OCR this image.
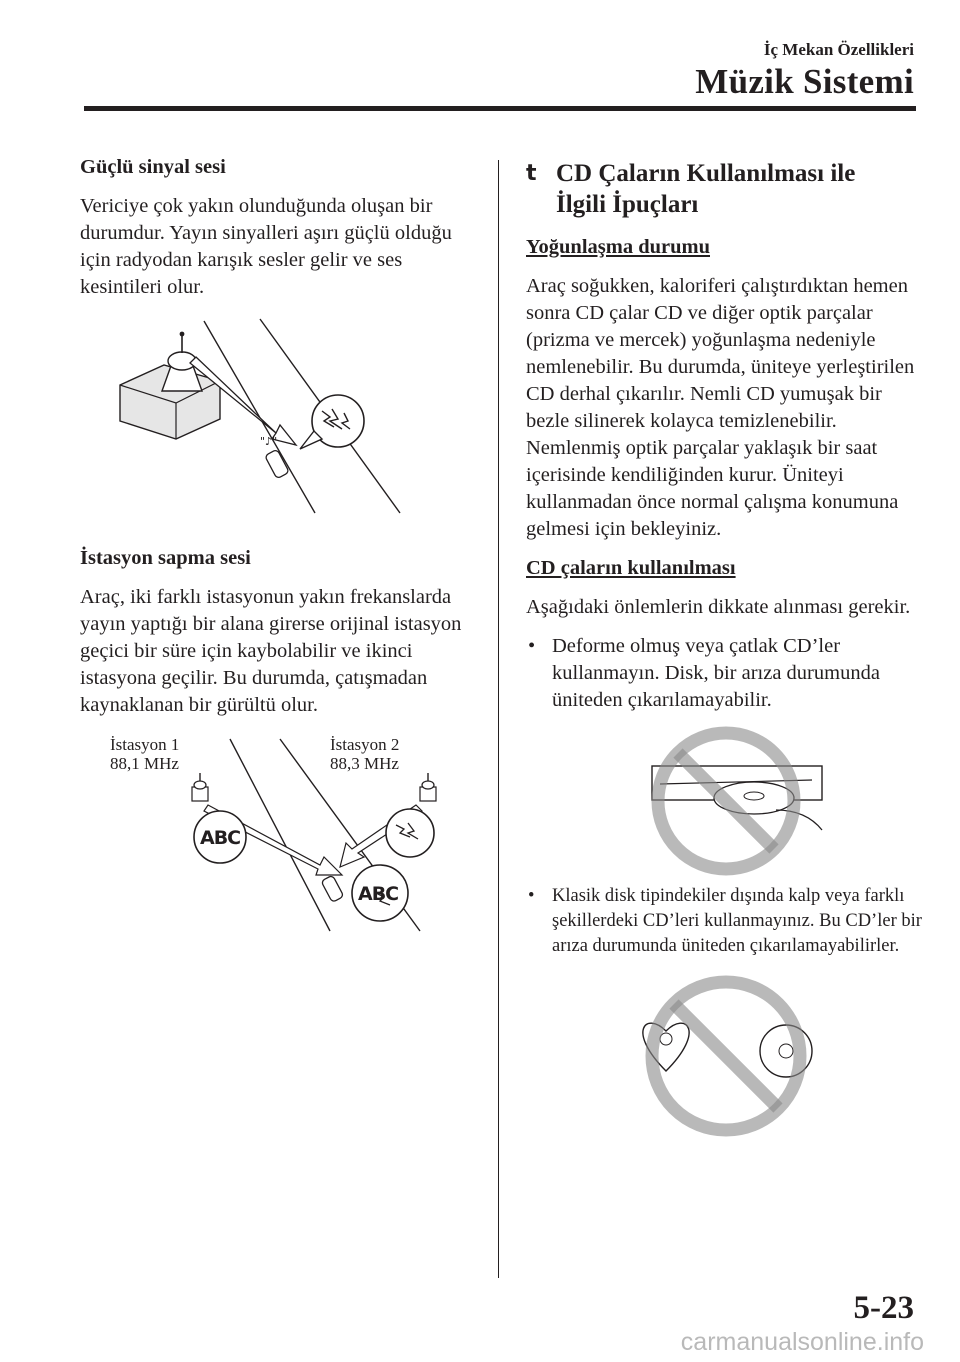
İç Mekan Özellikleri
Müzik Sistemi
Güçlü sinyal sesi

Vericiye çok yakın olunduğunda oluşan bir durumdur. Yayın sinyalleri aşırı güçlü olduğu için radyodan karışık sesler gelir ve ses kesintileri olur.

"♪"
İstasyon sapma sesi

Araç, iki farklı istasyonun yakın frekanslarda yayın yaptığı bir alana girerse orijinal istasyon geçici bir süre için kaybolabilir ve ikinci istasyona geçilir. Bu durumda, çatışmadan kaynaklanan bir gürültü olur.

İstasyon 1
88,1 MHz
İstasyon 2
88,3 MHz
ABC
ABC
t CD Çaların Kullanılması ile
İlgili İpuçları
Yoğunlaşma durumu

Araç soğukken, kaloriferi çalıştırdıktan hemen sonra CD çalar CD ve diğer optik parçalar (prizma ve mercek) yoğunlaşma nedeniyle nemlenebilir. Bu durumda, üniteye yerleştirilen CD derhal çıkarılır. Nemli CD yumuşak bir bezle silinerek kolayca temizlenebilir. Nemlenmiş optik parçalar yaklaşık bir saat içerisinde kendiliğinden kurur. Üniteyi kullanmadan önce normal çalışma konumuna gelmesi için bekleyiniz.

CD çaların kullanılması

Aşağıdaki önlemlerin dikkate alınması gerekir.

• Deforme olmuş veya çatlak CD’ler kullanmayın. Disk, bir arıza durumunda üniteden çıkarılamayabilir.
• Klasik disk tipindekiler dışında kalp veya farklı şekillerdeki CD’leri kullanmayınız. Bu CD’ler bir arıza durumunda üniteden çıkarılamayabilirler.
5-23
carmanualsonline.info
